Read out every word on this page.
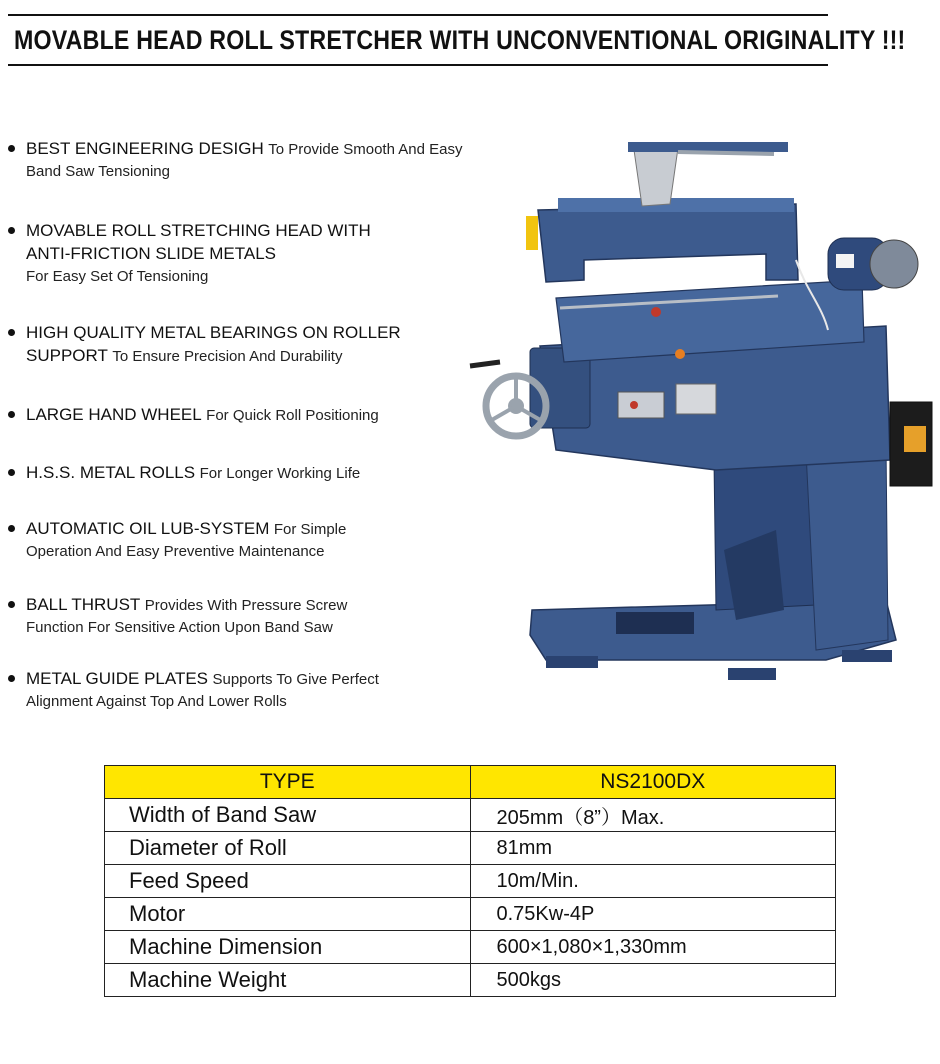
MOVABLE HEAD ROLL STRETCHER WITH UNCONVENTIONAL ORIGINALITY !!!
BEST ENGINEERING DESIGH To Provide Smooth And Easy
Band Saw Tensioning
MOVABLE ROLL STRETCHING HEAD WITH
ANTI-FRICTION SLIDE METALS
For Easy Set Of Tensioning
HIGH QUALITY METAL BEARINGS ON ROLLER
SUPPORT To Ensure Precision And Durability
LARGE HAND WHEEL For Quick Roll Positioning
H.S.S. METAL ROLLS For Longer Working Life
AUTOMATIC OIL LUB-SYSTEM For Simple
Operation And Easy Preventive Maintenance
BALL THRUST Provides With Pressure Screw
Function For Sensitive Action Upon Band Saw
METAL GUIDE PLATES Supports To Give Perfect
Alignment Against Top And Lower Rolls
TYPE	NS2100DX
Width of Band Saw	205mm（8”）Max.
Diameter of Roll	81mm
Feed Speed	10m/Min.
Motor	0.75Kw-4P
Machine Dimension	600×1,080×1,330mm
Machine Weight	500kgs
